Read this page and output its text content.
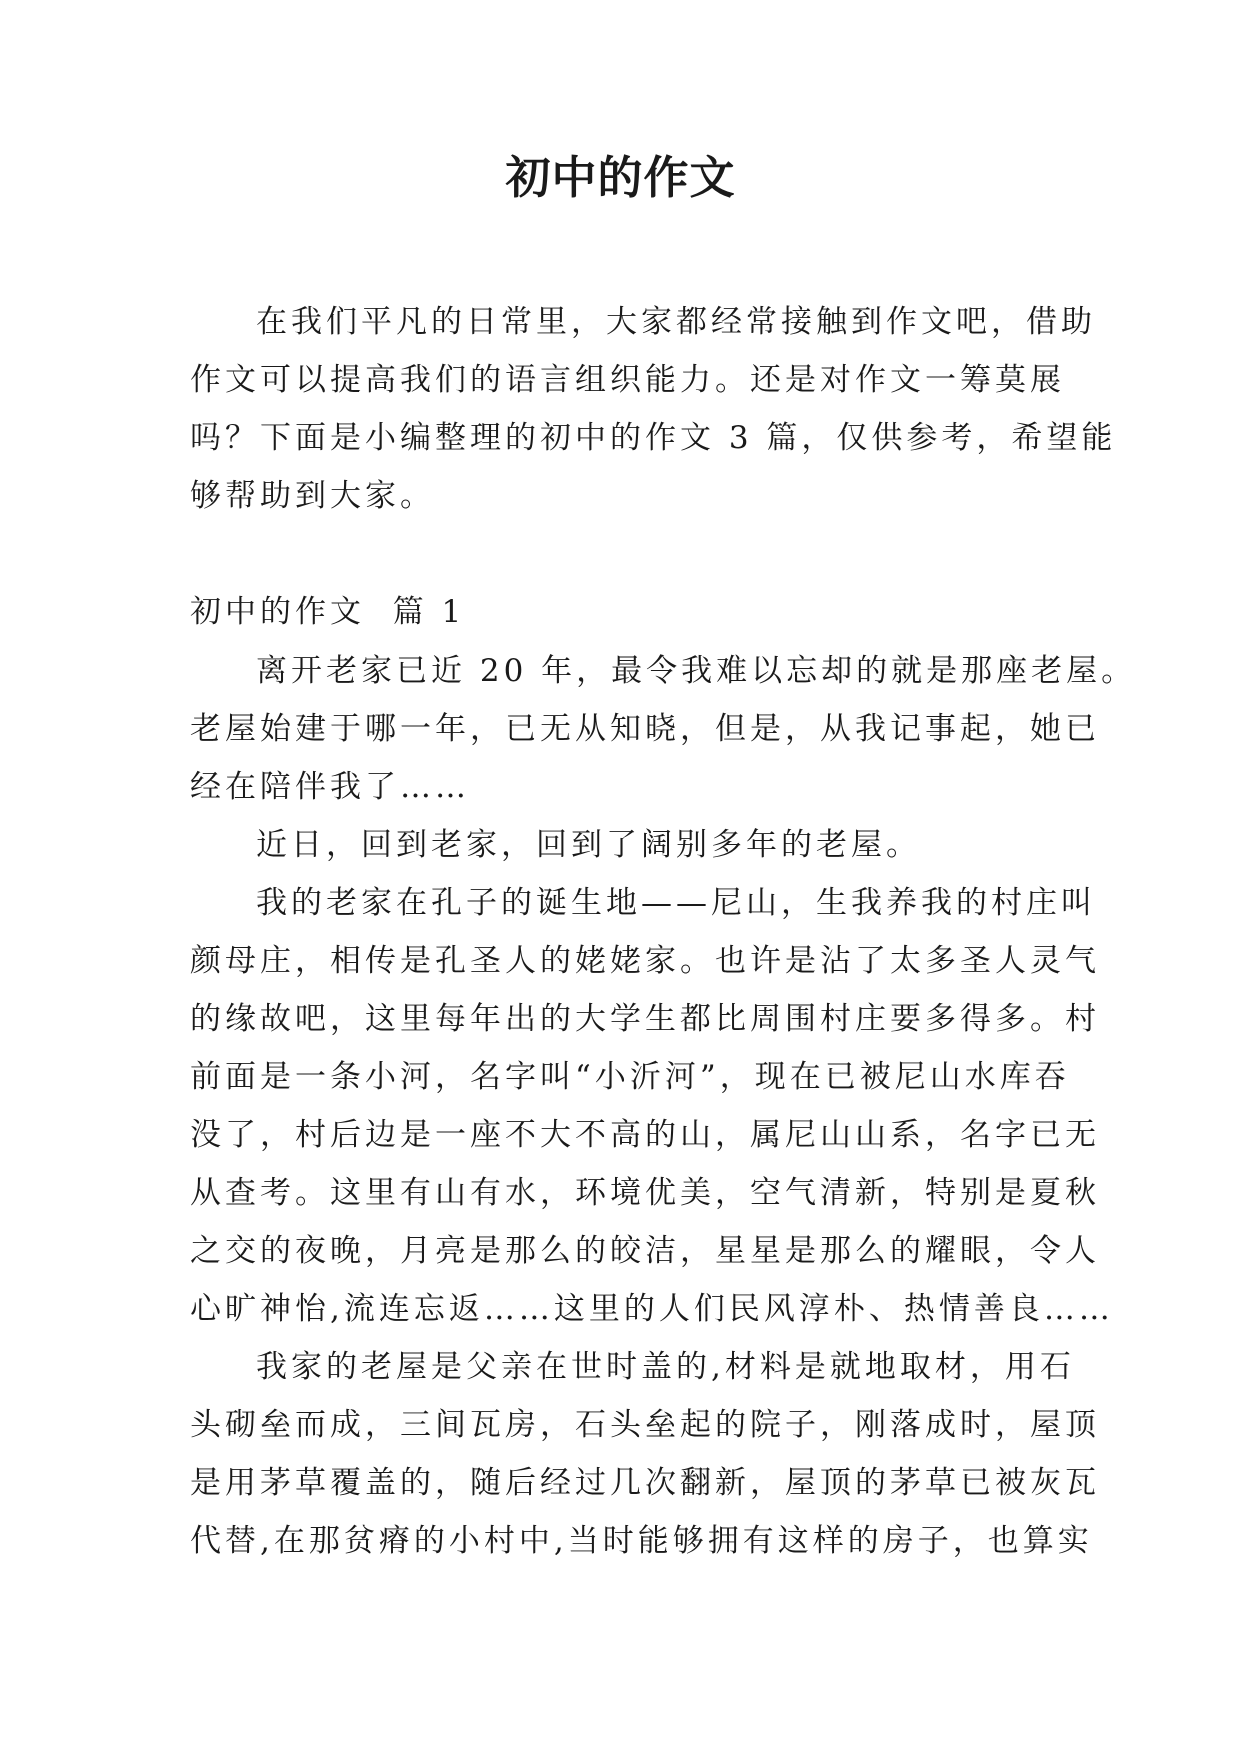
初中的作文
在我们平凡的日常里，大家都经常接触到作文吧，借助
作文可以提高我们的语言组织能力。还是对作文一筹莫展
吗？下面是小编整理的初中的作文 3 篇，仅供参考，希望能
够帮助到大家。
初中的作文  篇 1
离开老家已近 20 年，最令我难以忘却的就是那座老屋。
老屋始建于哪一年，已无从知晓，但是，从我记事起，她已
经在陪伴我了……
近日，回到老家，回到了阔别多年的老屋。
我的老家在孔子的诞生地——尼山，生我养我的村庄叫
颜母庄，相传是孔圣人的姥姥家。也许是沾了太多圣人灵气
的缘故吧，这里每年出的大学生都比周围村庄要多得多。村
前面是一条小河，名字叫“小沂河”，现在已被尼山水库吞
没了，村后边是一座不大不高的山，属尼山山系，名字已无
从查考。这里有山有水，环境优美，空气清新，特别是夏秋
之交的夜晚，月亮是那么的皎洁，星星是那么的耀眼，令人
心旷神怡,流连忘返……这里的人们民风淳朴、热情善良……
我家的老屋是父亲在世时盖的,材料是就地取材，用石
头砌垒而成，三间瓦房，石头垒起的院子，刚落成时，屋顶
是用茅草覆盖的，随后经过几次翻新，屋顶的茅草已被灰瓦
代替,在那贫瘠的小村中,当时能够拥有这样的房子，也算实
